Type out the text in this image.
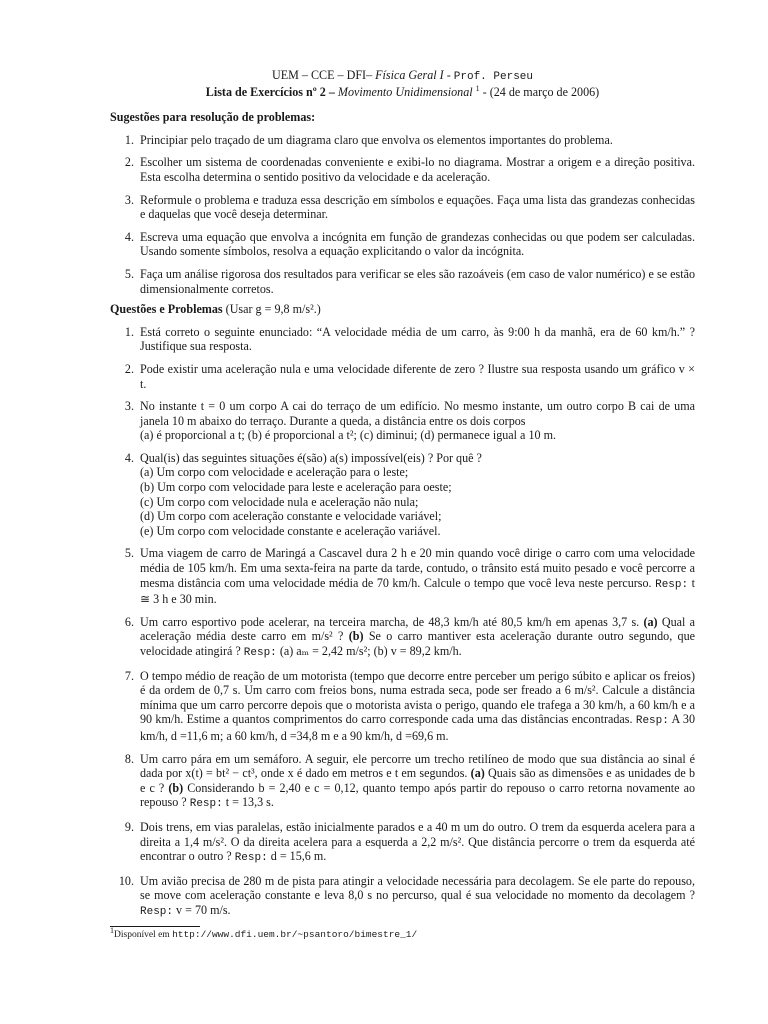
UEM – CCE – DFI– Física Geral I - Prof. Perseu
Lista de Exercícios nº 2 – Movimento Unidimensional $^1$ - (24 de março de 2006)
Sugestões para resolução de problemas:
1. Principiar pelo traçado de um diagrama claro que envolva os elementos importantes do problema.
2. Escolher um sistema de coordenadas conveniente e exibi-lo no diagrama. Mostrar a origem e a direção positiva. Esta escolha determina o sentido positivo da velocidade e da aceleração.
3. Reformule o problema e traduza essa descrição em símbolos e equações. Faça uma lista das grandezas conhecidas e daquelas que você deseja determinar.
4. Escreva uma equação que envolva a incógnita em função de grandezas conhecidas ou que podem ser calculadas. Usando somente símbolos, resolva a equação explicitando o valor da incógnita.
5. Faça um análise rigorosa dos resultados para verificar se eles são razoáveis (em caso de valor numérico) e se estão dimensionalmente corretos.
Questões e Problemas (Usar g = 9,8 m/s².)
1. Está correto o seguinte enunciado: “A velocidade média de um carro, às 9:00 h da manhã, era de 60 km/h.” ? Justifique sua resposta.
2. Pode existir uma aceleração nula e uma velocidade diferente de zero ? Ilustre sua resposta usando um gráfico v × t.
3. No instante t = 0 um corpo A cai do terraço de um edifício. No mesmo instante, um outro corpo B cai de uma janela 10 m abaixo do terraço. Durante a queda, a distância entre os dois corpos
(a) é proporcional a t; (b) é proporcional a t²; (c) diminui; (d) permanece igual a 10 m.
4. Qual(is) das seguintes situações é(são) a(s) impossível(eis) ? Por quê ?
(a) Um corpo com velocidade e aceleração para o leste;
(b) Um corpo com velocidade para leste e aceleração para oeste;
(c) Um corpo com velocidade nula e aceleração não nula;
(d) Um corpo com aceleração constante e velocidade variável;
(e) Um corpo com velocidade constante e aceleração variável.
5. Uma viagem de carro de Maringá a Cascavel dura 2 h e 20 min quando você dirige o carro com uma velocidade média de 105 km/h. Em uma sexta-feira na parte da tarde, contudo, o trânsito está muito pesado e você percorre a mesma distância com uma velocidade média de 70 km/h. Calcule o tempo que você leva neste percurso. Resp: t ≅ 3 h e 30 min.
6. Um carro esportivo pode acelerar, na terceira marcha, de 48,3 km/h até 80,5 km/h em apenas 3,7 s. (a) Qual a aceleração média deste carro em m/s² ? (b) Se o carro mantiver esta aceleração durante outro segundo, que velocidade atingirá ? Resp: (a) aₘ = 2,42 m/s²; (b) v = 89,2 km/h.
7. O tempo médio de reação de um motorista (tempo que decorre entre perceber um perigo súbito e aplicar os freios) é da ordem de 0,7 s. Um carro com freios bons, numa estrada seca, pode ser freado a 6 m/s². Calcule a distância mínima que um carro percorre depois que o motorista avista o perigo, quando ele trafega a 30 km/h, a 60 km/h e a 90 km/h. Estime a quantos comprimentos do carro corresponde cada uma das distâncias encontradas. Resp: A 30 km/h, d =11,6 m; a 60 km/h, d =34,8 m e a 90 km/h, d =69,6 m.
8. Um carro pára em um semáforo. A seguir, ele percorre um trecho retilíneo de modo que sua distância ao sinal é dada por x(t) = bt² − ct³, onde x é dado em metros e t em segundos. (a) Quais são as dimensões e as unidades de b e c ? (b) Considerando b = 2,40 e c = 0,12, quanto tempo após partir do repouso o carro retorna novamente ao repouso ? Resp: t = 13,3 s.
9. Dois trens, em vias paralelas, estão inicialmente parados e a 40 m um do outro. O trem da esquerda acelera para a direita a 1,4 m/s². O da direita acelera para a esquerda a 2,2 m/s². Que distância percorre o trem da esquerda até encontrar o outro ? Resp: d = 15,6 m.
10. Um avião precisa de 280 m de pista para atingir a velocidade necessária para decolagem. Se ele parte do repouso, se move com aceleração constante e leva 8,0 s no percurso, qual é sua velocidade no momento da decolagem ? Resp: v = 70 m/s.
$^1$Disponível em http://www.dfi.uem.br/~psantoro/bimestre_1/
